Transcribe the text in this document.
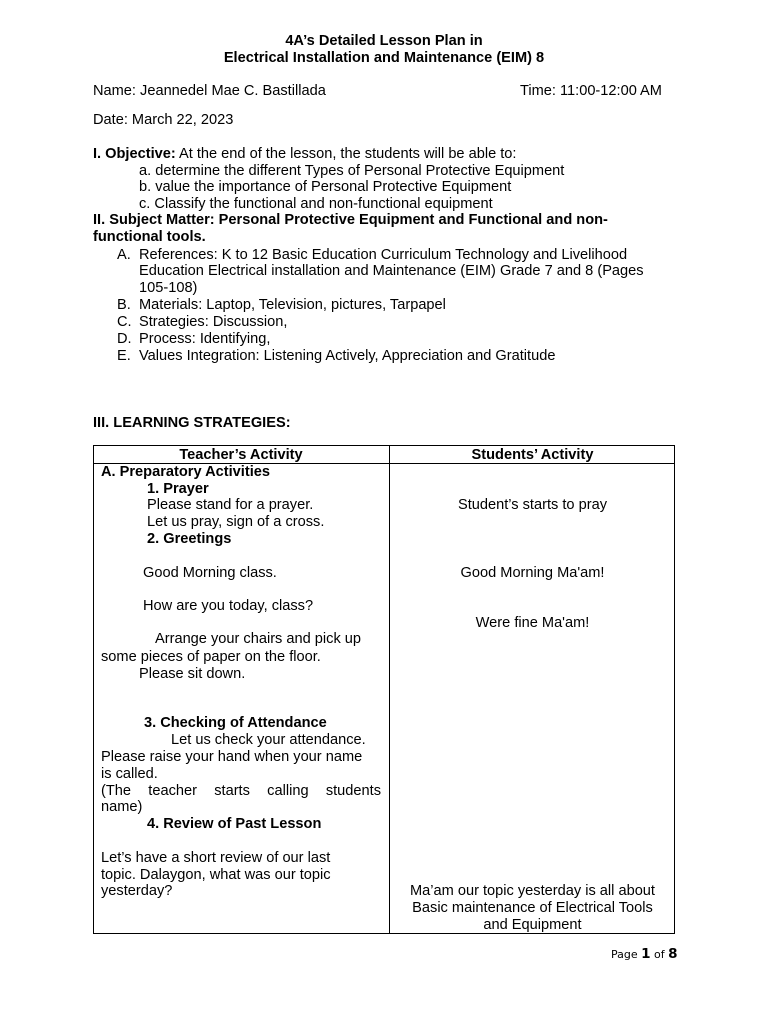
4A’s Detailed Lesson Plan in
Electrical Installation and Maintenance (EIM) 8
Name: Jeannedel Mae C. Bastillada	Time: 11:00-12:00 AM
Date: March 22, 2023
I. Objective: At the end of the lesson, the students will be able to:
a. determine the different Types of Personal Protective Equipment
b. value the importance of Personal Protective Equipment
c. Classify the functional and non-functional equipment
II. Subject Matter: Personal Protective Equipment and Functional and non-
functional tools.
A. References: K to 12 Basic Education Curriculum Technology and Livelihood
Education Electrical installation and Maintenance (EIM) Grade 7 and 8 (Pages
105-108)
B. Materials: Laptop, Television, pictures, Tarpapel
C. Strategies: Discussion,
D. Process: Identifying,
E. Values Integration: Listening Actively, Appreciation and Gratitude
III. LEARNING STRATEGIES:
Teacher’s Activity	Students’ Activity
A. Preparatory Activities
1. Prayer
Please stand for a prayer.
Let us pray, sign of a cross.
2. Greetings
Good Morning class.
How are you today, class?
Arrange your chairs and pick up
some pieces of paper on the floor.
Please sit down.
3. Checking of Attendance
Let us check your attendance.
Please raise your hand when your name
is called.
(The teacher starts calling students
name)
4. Review of Past Lesson
Let’s have a short review of our last
topic. Dalaygon, what was our topic
yesterday?
Student’s starts to pray
Good Morning Ma'am!
Were fine Ma'am!
Ma’am our topic yesterday is all about
Basic maintenance of Electrical Tools
and Equipment
Page 1 of 8
